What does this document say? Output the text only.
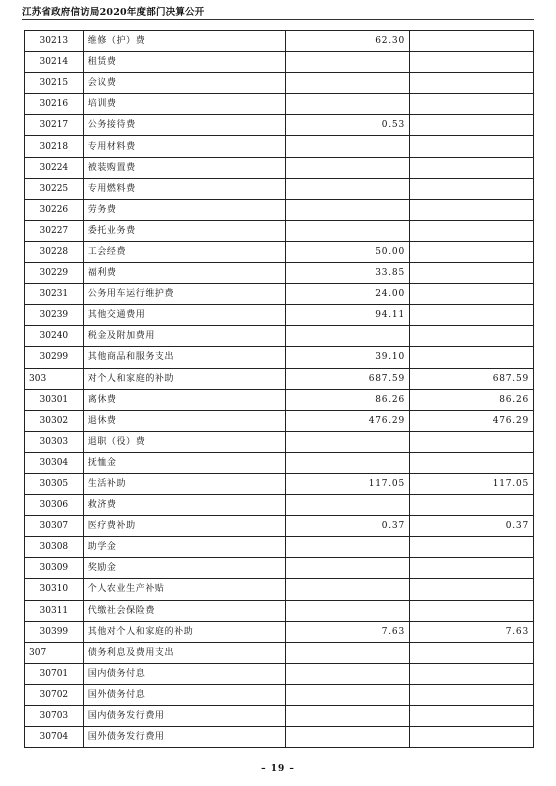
江苏省政府信访局2020年度部门决算公开
30213	维修（护）费	62.30		
30214	租赁费			
30215	会议费			
30216	培训费			
30217	公务接待费	0.53		
30218	专用材料费			
30224	被装购置费			
30225	专用燃料费			
30226	劳务费			
30227	委托业务费			
30228	工会经费	50.00		
30229	福利费	33.85		
30231	公务用车运行维护费	24.00		
30239	其他交通费用	94.11		
30240	税金及附加费用			
30299	其他商品和服务支出	39.10		
303	对个人和家庭的补助	687.59	687.59	
30301	离休费	86.26	86.26	
30302	退休费	476.29	476.29	
30303	退职（役）费			
30304	抚恤金			
30305	生活补助	117.05	117.05	
30306	救济费			
30307	医疗费补助	0.37	0.37	
30308	助学金			
30309	奖励金			
30310	个人农业生产补贴			
30311	代缴社会保险费			
30399	其他对个人和家庭的补助	7.63	7.63	
307	债务利息及费用支出			
30701	国内债务付息			
30702	国外债务付息			
30703	国内债务发行费用			
30704	国外债务发行费用			
– 19 –
